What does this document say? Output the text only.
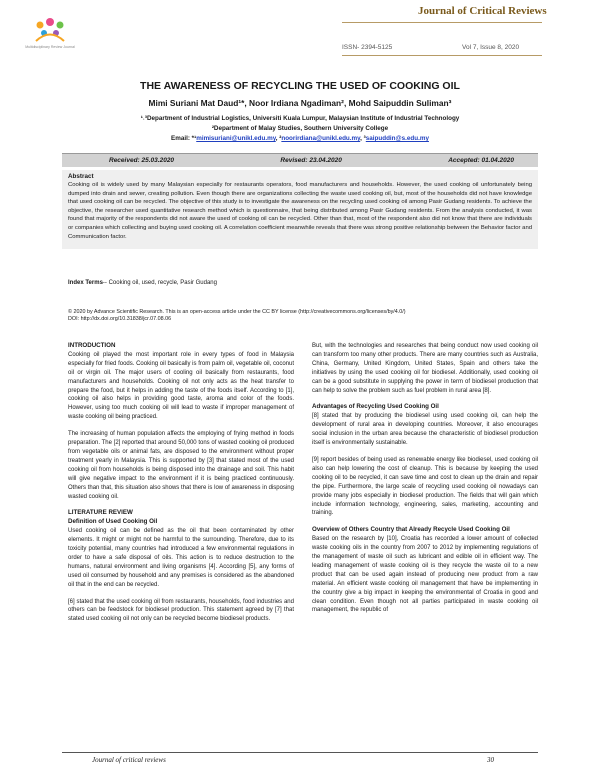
Multidisciplinary Review Journal
Journal of Critical Reviews
ISSN- 2394-5125	Vol 7, Issue 8, 2020
THE AWARENESS OF RECYCLING THE USED OF COOKING OIL
Mimi Suriani Mat Daud¹*, Noor Irdiana Ngadiman², Mohd Saipuddin Suliman³
¹˒³Department of Industrial Logistics, Universiti Kuala Lumpur, Malaysian Institute of Industrial Technology
²Department of Malay Studies, Southern University College
Email: *¹mimisuriani@unikl.edu.my, ²noorirdiana@unikl.edu.my, ³saipuddin@s.edu.my
Received: 25.03.2020	Revised: 23.04.2020	Accepted: 01.04.2020
Abstract
Cooking oil is widely used by many Malaysian especially for restaurants operators, food manufacturers and households. However, the used cooking oil unfortunately being dumped into drain and sewer, creating pollution. Even though there are organizations collecting the waste used cooking oil, but, most of the households did not have knowledge that used cooking oil can be recycled. The objective of this study is to investigate the awareness on the recycling used cooking oil among Pasir Gudang residents. To achieve the objective, the researcher used quantitative research method which is questionnaire, that being distributed among Pasir Gudang residents. From the analysis conducted, it was found that majority of the respondents did not aware the used of cooking oil can be recycled. Other than that, most of the respondent also did not know that there are individuals or companies which collecting and buying used cooking oil. A correlation coefficient meanwhile reveals that there was strong positive relationship between the Behavior factor and Communication factor.
Index Terms-- Cooking oil, used, recycle, Pasir Gudang
© 2020 by Advance Scientific Research. This is an open-access article under the CC BY license (http://creativecommons.org/licenses/by/4.0/)
DOI: http://dx.doi.org/10.31838/jcr.07.08.06
INTRODUCTION

Cooking oil played the most important role in every types of food in Malaysia especially for fried foods. Cooking oil basically is from palm oil, vegetable oil, coconut oil or virgin oil. The major users of cooling oil basically from restaurants, food manufacturers and households. Cooking oil not only acts as the heat transfer to prepare the food, but it helps in adding the taste of the foods itself. According to [1], cooking oil also helps in providing good taste, aroma and color of the foods. However, using too much cooking oil will lead to waste if improper management of waste cooking oil being practiced.

The increasing of human population affects the employing of frying method in foods preparation. The [2] reported that around 50,000 tons of wasted cooking oil produced from vegetable oils or animal fats, are disposed to the environment without proper treatment yearly in Malaysia. This is supported by [3] that stated most of the used cooking oil from households is being disposed into the drainage and soil. This habit will give negative impact to the environment if it is being practiced continuously. Others than that, this situation also shows that there is low of awareness in disposing wasted cooking oil.

LITERATURE REVIEW
Definition of Used Cooking Oil

Used cooking oil can be defined as the oil that been contaminated by other elements. It might or might not be harmful to the surrounding. Therefore, due to its toxicity potential, many countries had introduced a few environmental regulations in order to have a safe disposal of oils. This action is to reduce destruction to the humans, natural environment and living organisms [4]. According [5], any forms of used oil consumed by household and any premises is considered as the abandoned oil that in the end can be recycled.

[6] stated that the used cooking oil from restaurants, households, food industries and others can be feedstock for biodiesel production. This statement agreed by [7] that stated used cooking oil not only can be recycled become biodiesel products.

But, with the technologies and researches that being conduct now used cooking oil can transform too many other products. There are many countries such as Australia, China, Germany, United Kingdom, United States, Spain and others take the initiatives by using the used cooking oil for biodiesel. Additionally, used cooking oil can be a good substitute in supplying the power in term of biodiesel production that can help to solve the problem such as fuel problem in rural area [8].

Advantages of Recycling Used Cooking Oil

[8] stated that by producing the biodiesel using used cooking oil, can help the development of rural area in developing countries. Moreover, it also encourages social inclusion in the urban area because the characteristic of biodiesel production itself is environmentally sustainable.

[9] report besides of being used as renewable energy like biodiesel, used cooking oil also can help lowering the cost of cleanup. This is because by keeping the used cooking oil to be recycled, it can save time and cost to clean up the drain and repair the pipe. Furthermore, the large scale of recycling used cooking oil nowadays can provide many jobs especially in biodiesel production. The fields that will gain which include information technology, engineering, sales, marketing, accounting and training.

Overview of Others Country that Already Recycle Used Cooking Oil

Based on the research by [10], Croatia has recorded a lower amount of collected waste cooking oils in the country from 2007 to 2012 by implementing regulations of the management of waste oil such as lubricant and edible oil in efficient way. The leading management of waste cooking oil is they recycle the waste oil to a new product that can be used again instead of producing new product from a raw material. An efficient waste cooking oil management that have be implementing in the country give a big impact in keeping the environmental of Croatia in good and clean condition. Even though not all parties participated in waste cooking oil management, the republic of

Journal of critical reviews	30
